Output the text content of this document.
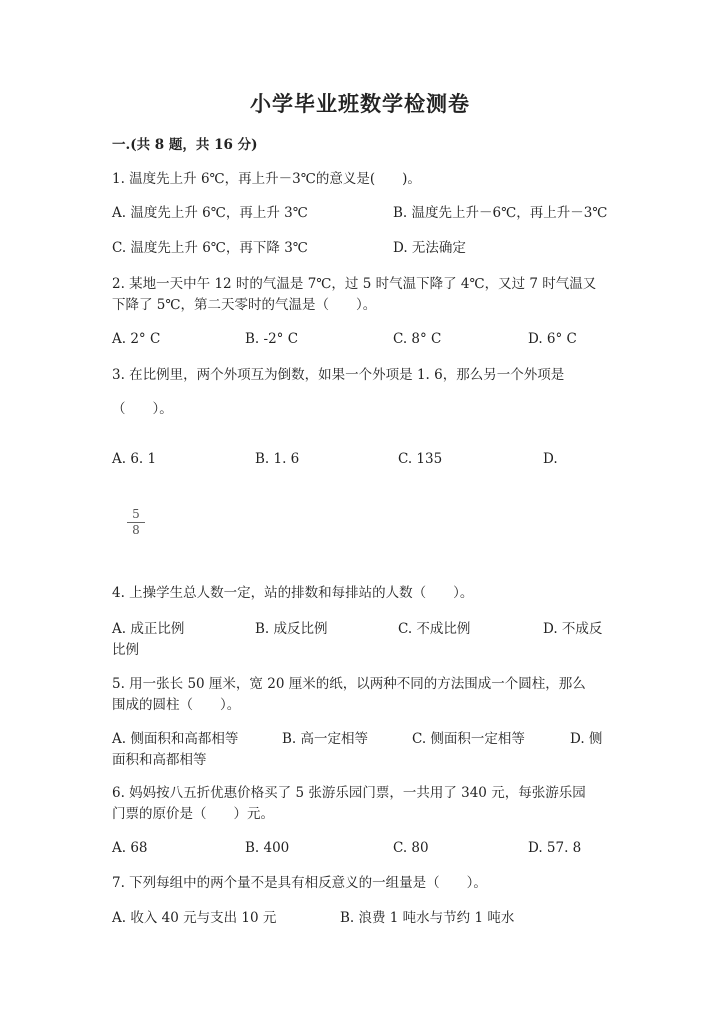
小学毕业班数学检测卷
一.(共 8 题，共 16 分)
1. 温度先上升 6℃，再上升－3℃的意义是(　　)。
A. 温度先上升 6℃，再上升 3℃	B. 温度先上升－6℃，再上升－3℃
C. 温度先上升 6℃，再下降 3℃	D. 无法确定
2. 某地一天中午 12 时的气温是 7℃，过 5 时气温下降了 4℃，又过 7 时气温又
下降了 5℃，第二天零时的气温是（　　）。
A. 2° C	B. -2° C	C. 8° C	D. 6° C
3. 在比例里，两个外项互为倒数，如果一个外项是 1. 6，那么另一个外项是
（　　）。
A. 6. 1	B. 1. 6	C. 135	D.
5
8
4. 上操学生总人数一定，站的排数和每排站的人数（　　）。
A. 成正比例	B. 成反比例	C. 不成比例	D. 不成反比例
5. 用一张长 50 厘米，宽 20 厘米的纸，以两种不同的方法围成一个圆柱，那么
围成的圆柱（　　）。
A. 侧面积和高都相等	B. 高一定相等	C. 侧面积一定相等	D. 侧面积和高都相等
6. 妈妈按八五折优惠价格买了 5 张游乐园门票，一共用了 340 元，每张游乐园
门票的原价是（　　）元。
A. 68	B. 400	C. 80	D. 57. 8
7. 下列每组中的两个量不是具有相反意义的一组量是（　　）。
A. 收入 40 元与支出 10 元	B. 浪费 1 吨水与节约 1 吨水
